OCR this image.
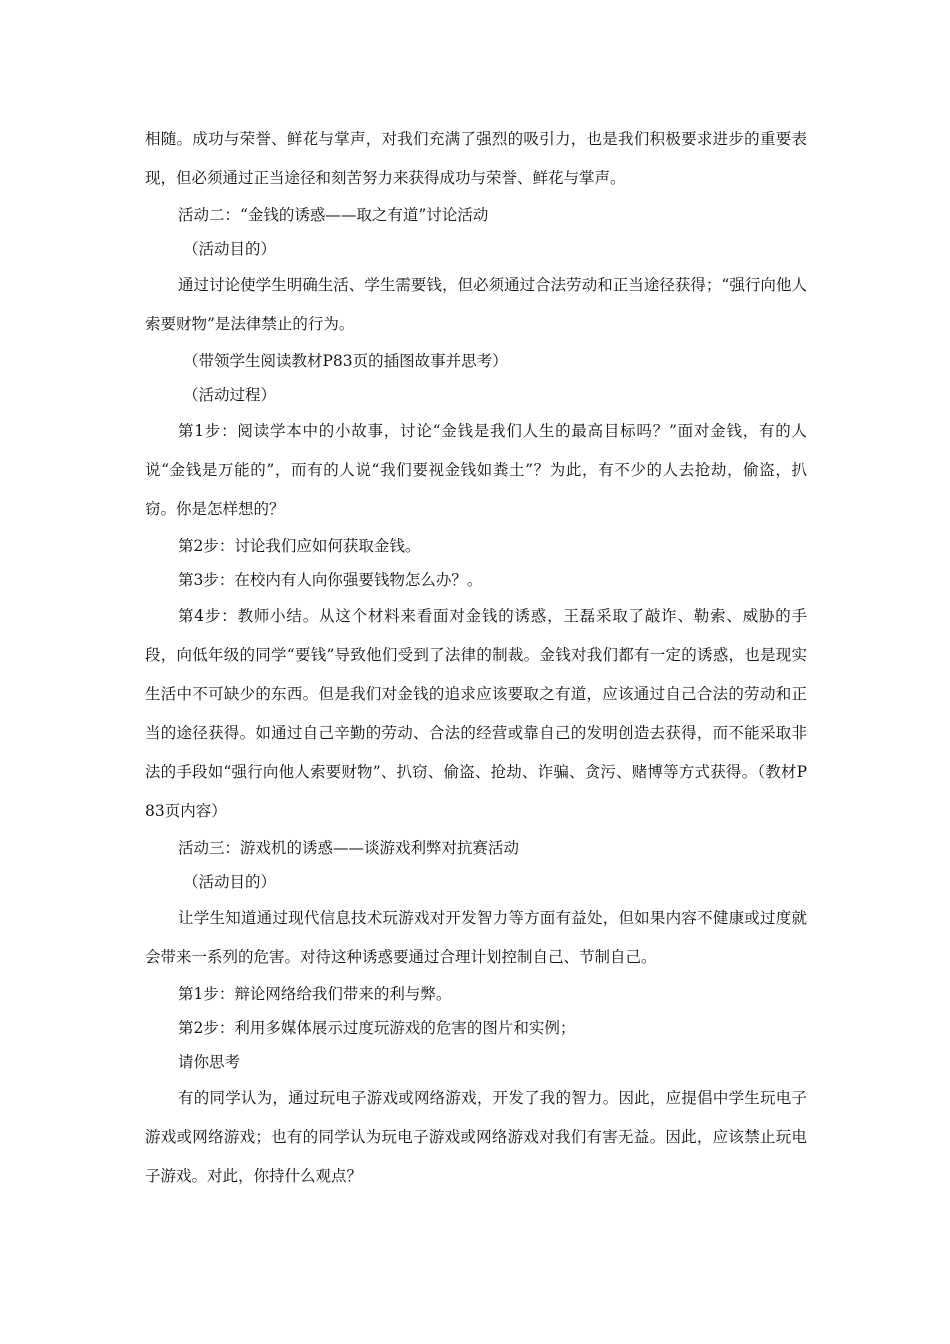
相随。成功与荣誉、鲜花与掌声，对我们充满了强烈的吸引力，也是我们积极要求进步的重要表现，但必须通过正当途径和刻苦努力来获得成功与荣誉、鲜花与掌声。

活动二：“金钱的诱惑——取之有道”讨论活动

（活动目的）

通过讨论使学生明确生活、学生需要钱，但必须通过合法劳动和正当途径获得；“强行向他人索要财物”是法律禁止的行为。

（带领学生阅读教材P83页的插图故事并思考）

（活动过程）

第1步：阅读学本中的小故事，讨论“金钱是我们人生的最高目标吗？”面对金钱，有的人说“金钱是万能的”，而有的人说“我们要视金钱如粪土”？为此，有不少的人去抢劫，偷盗，扒窃。你是怎样想的？

第2步：讨论我们应如何获取金钱。

第3步：在校内有人向你强要钱物怎么办？。

第4步：教师小结。从这个材料来看面对金钱的诱惑，王磊采取了敲诈、勒索、威胁的手段，向低年级的同学“要钱”导致他们受到了法律的制裁。金钱对我们都有一定的诱惑，也是现实生活中不可缺少的东西。但是我们对金钱的追求应该要取之有道，应该通过自己合法的劳动和正当的途径获得。如通过自己辛勤的劳动、合法的经营或靠自己的发明创造去获得，而不能采取非法的手段如“强行向他人索要财物”、扒窃、偷盗、抢劫、诈骗、贪污、赌博等方式获得。（教材P83页内容）

活动三：游戏机的诱惑——谈游戏利弊对抗赛活动

（活动目的）

让学生知道通过现代信息技术玩游戏对开发智力等方面有益处，但如果内容不健康或过度就会带来一系列的危害。对待这种诱惑要通过合理计划控制自己、节制自己。

第1步：辩论网络给我们带来的利与弊。

第2步：利用多媒体展示过度玩游戏的危害的图片和实例；

请你思考

有的同学认为，通过玩电子游戏或网络游戏，开发了我的智力。因此，应提倡中学生玩电子游戏或网络游戏；也有的同学认为玩电子游戏或网络游戏对我们有害无益。因此，应该禁止玩电子游戏。对此，你持什么观点？
